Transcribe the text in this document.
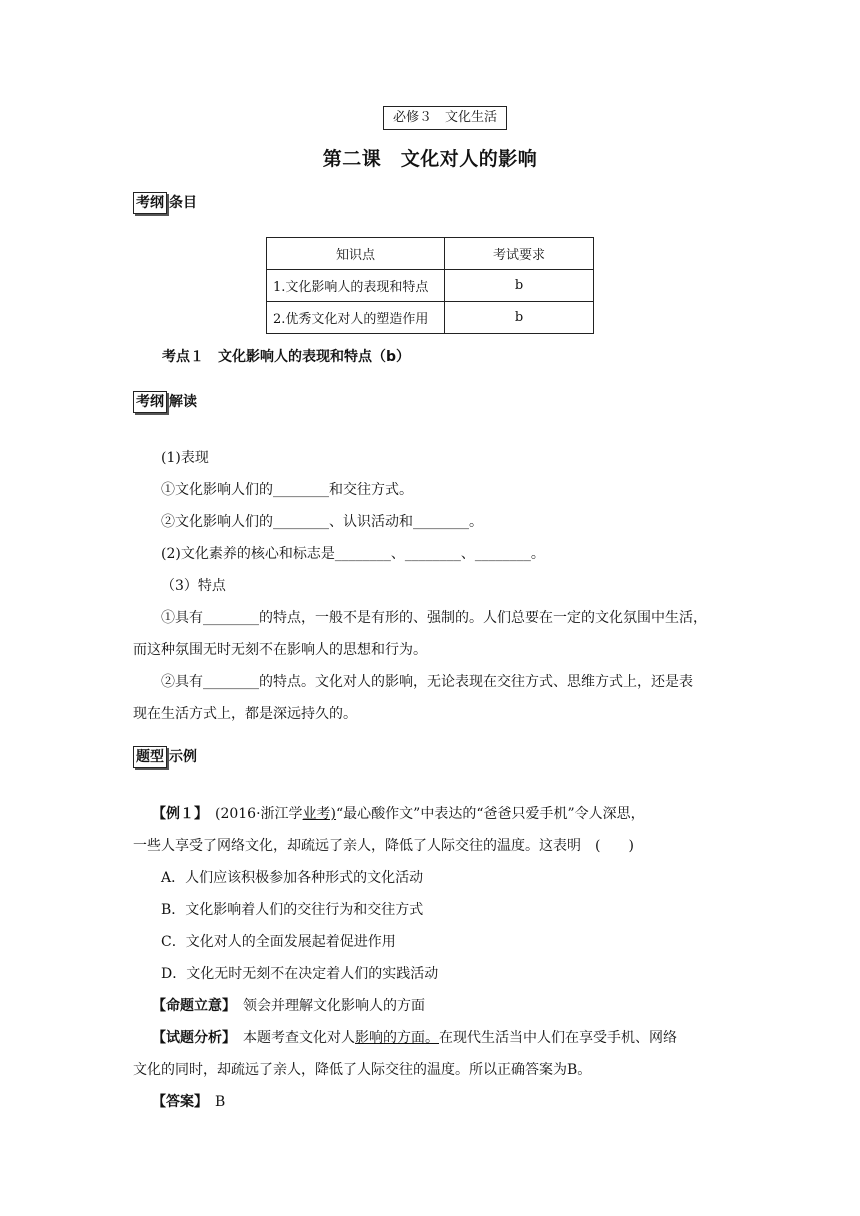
必修３　文化生活
第二课　文化对人的影响
考纲 条目
知识点	考试要求
1.文化影响人的表现和特点	b
2.优秀文化对人的塑造作用	b
考点１　文化影响人的表现和特点（b）
考纲 解读
(1)表现
①文化影响人们的________和交往方式。
②文化影响人们的________、认识活动和________。
(2)文化素养的核心和标志是________、________、________。
（3）特点
①具有________的特点，一般不是有形的、强制的。人们总要在一定的文化氛围中生活，
而这种氛围无时无刻不在影响人的思想和行为。
②具有________的特点。文化对人的影响，无论表现在交往方式、思维方式上，还是表
现在生活方式上，都是深远持久的。
题型 示例
【例１】　(2016·浙江学业考)“最心酸作文”中表达的“爸爸只爱手机”令人深思，
一些人享受了网络文化，却疏远了亲人，降低了人际交往的温度。这表明　(　　)
A．人们应该积极参加各种形式的文化活动
B．文化影响着人们的交往行为和交往方式
C．文化对人的全面发展起着促进作用
D．文化无时无刻不在决定着人们的实践活动
【命题立意】　领会并理解文化影响人的方面
【试题分析】　本题考查文化对人影响的方面。在现代生活当中人们在享受手机、网络
文化的同时，却疏远了亲人，降低了人际交往的温度。所以正确答案为B。
【答案】　B
